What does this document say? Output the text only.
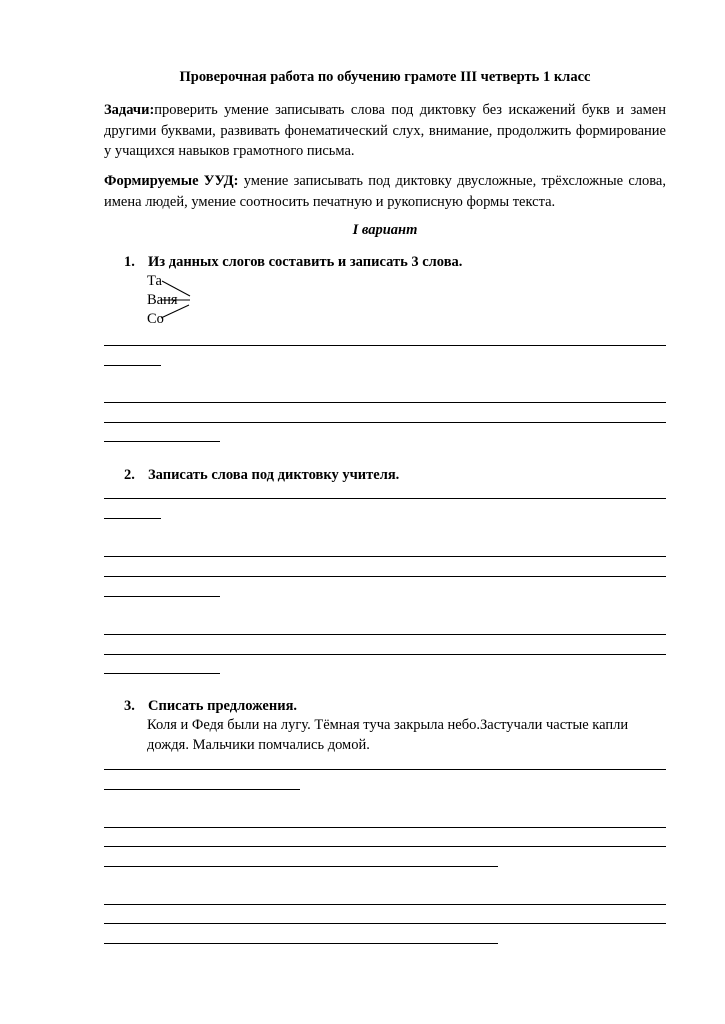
Проверочная работа по обучению грамоте III четверть 1 класс
Задачи:проверить умение записывать слова под диктовку без искажений букв и замен другими буквами, развивать фонематический слух, внимание, продолжить формирование у учащихся навыков грамотного письма.
Формируемые УУД: умение записывать под диктовку двусложные, трёхсложные слова, имена людей, умение соотносить печатную и рукописную формы текста.
I вариант
1. Из данных слогов составить и записать 3 слова.
Та
Ваня
Со
2. Записать слова под диктовку учителя.
3. Списать предложения.
Коля и Федя были на лугу. Тёмная туча закрыла небо.Застучали частые капли дождя. Мальчики помчались домой.
